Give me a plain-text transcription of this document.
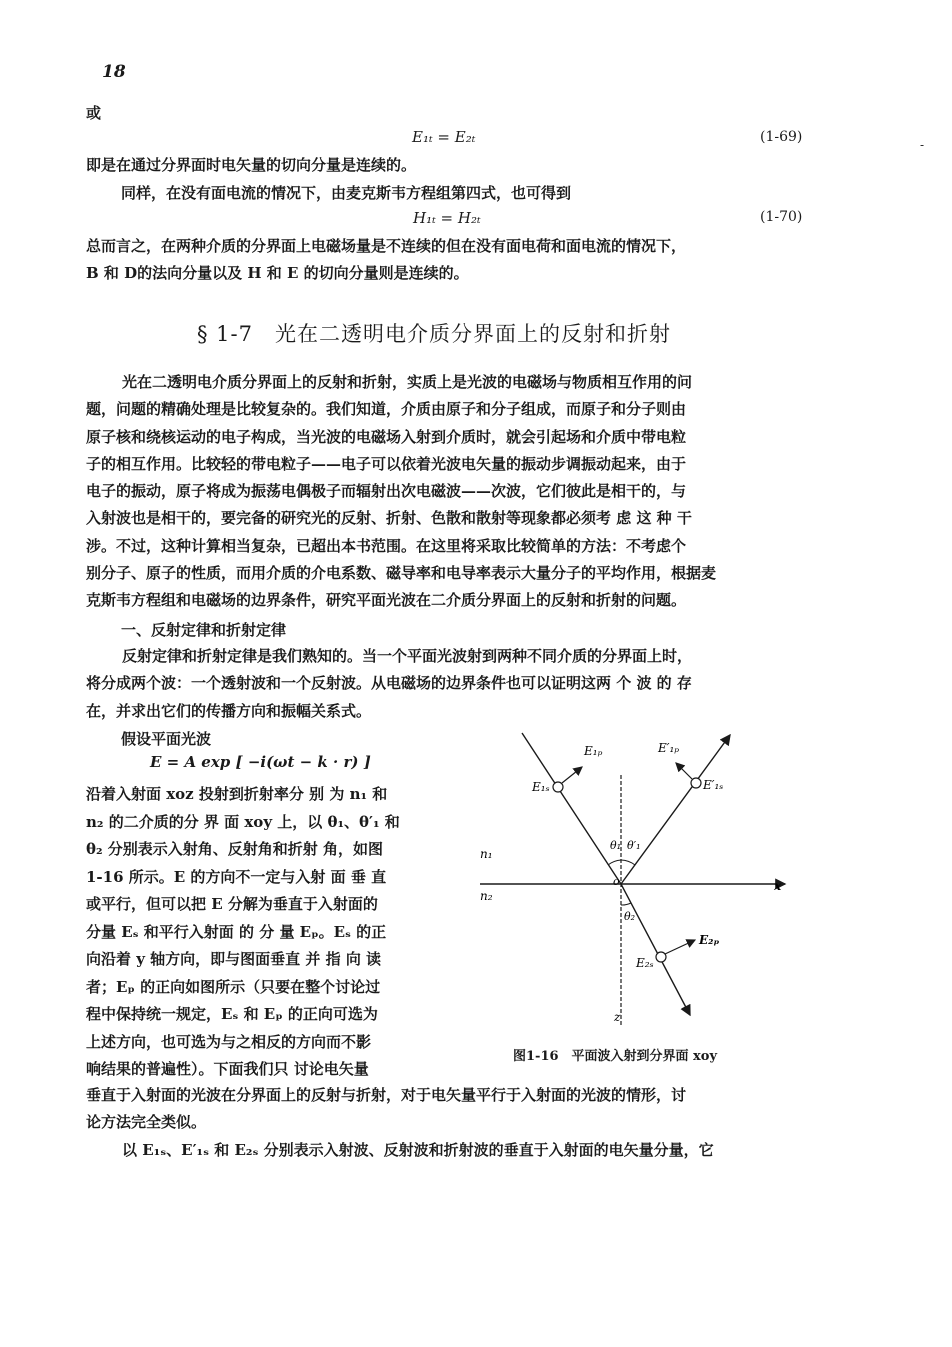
18
或
E₁ₜ = E₂ₜ	(1-69)
即是在通过分界面时电矢量的切向分量是连续的。
同样，在没有面电流的情况下，由麦克斯韦方程组第四式，也可得到
H₁ₜ = H₂ₜ	(1-70)
总而言之，在两种介质的分界面上电磁场量是不连续的但在没有面电荷和面电流的情况下，
B 和 D的法向分量以及 H 和 E 的切向分量则是连续的。
§ 1-7　光在二透明电介质分界面上的反射和折射

光在二透明电介质分界面上的反射和折射，实质上是光波的电磁场与物质相互作用的问

题，问题的精确处理是比较复杂的。我们知道，介质由原子和分子组成，而原子和分子则由

原子核和绕核运动的电子构成，当光波的电磁场入射到介质时，就会引起场和介质中带电粒

子的相互作用。比较轻的带电粒子——电子可以依着光波电矢量的振动步调振动起来，由于

电子的振动，原子将成为振荡电偶极子而辐射出次电磁波——次波，它们彼此是相干的，与

入射波也是相干的，要完备的研究光的反射、折射、色散和散射等现象都必须考 虑 这 种 干

涉。不过，这种计算相当复杂，已超出本书范围。在这里将采取比较简单的方法：不考虑个

别分子、原子的性质，而用介质的介电系数、磁导率和电导率表示大量分子的平均作用，根据麦

克斯韦方程组和电磁场的边界条件，研究平面光波在二介质分界面上的反射和折射的问题。

一、反射定律和折射定律

反射定律和折射定律是我们熟知的。当一个平面光波射到两种不同介质的分界面上时，

将分成两个波：一个透射波和一个反射波。从电磁场的边界条件也可以证明这两 个 波 的 存

在，并求出它们的传播方向和振幅关系式。

假设平面光波
E = A exp [ −i(ωt − k · r) ]

沿着入射面 xoz 投射到折射率分 别 为 n₁ 和

n₂ 的二介质的分 界 面 xoy 上，以 θ₁、θ′₁ 和

θ₂ 分别表示入射角、反射角和折射 角，如图

1-16 所示。E 的方向不一定与入射 面 垂 直

或平行，但可以把 E 分解为垂直于入射面的

分量 Eₛ 和平行入射面 的 分 量 Eₚ。Eₛ 的正

向沿着 y 轴方向，即与图面垂直 并 指 向 读

者；Eₚ 的正向如图所示（只要在整个讨论过

程中保持统一规定，Eₛ 和 Eₚ 的正向可选为

上述方向，也可选为与之相反的方向而不影

响结果的普遍性）。下面我们只 讨论电矢量

垂直于入射面的光波在分界面上的反射与折射，对于电矢量平行于入射面的光波的情形，讨

论方法完全类似。

以 E₁ₛ、E′₁ₛ 和 E₂ₛ 分别表示入射波、反射波和折射波的垂直于入射面的电矢量分量，它

E₁ₚ	E′₁ₚ
E₁ₛ	E′₁ₛ
E₂ₚ
E₂ₛ
n₁
n₂
θ₁ θ′₁
θ₂
o	x
z
图1-16　平面波入射到分界面 xoy
-
